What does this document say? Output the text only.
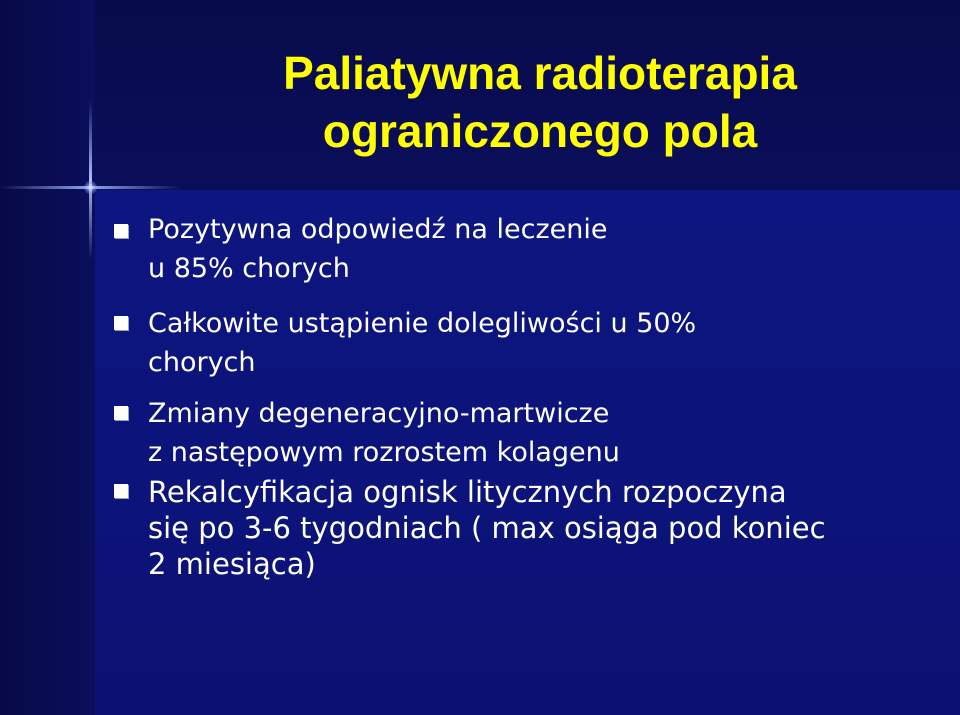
Paliatywna radioterapia
ograniczonego pola
Pozytywna odpowiedź na leczenie
u 85% chorych
Całkowite ustąpienie dolegliwości u 50%
chorych
Zmiany degeneracyjno-martwicze
z następowym rozrostem kolagenu
Rekalcyfikacja ognisk litycznych rozpoczyna
się po 3-6 tygodniach ( max osiąga pod koniec
2 miesiąca)
